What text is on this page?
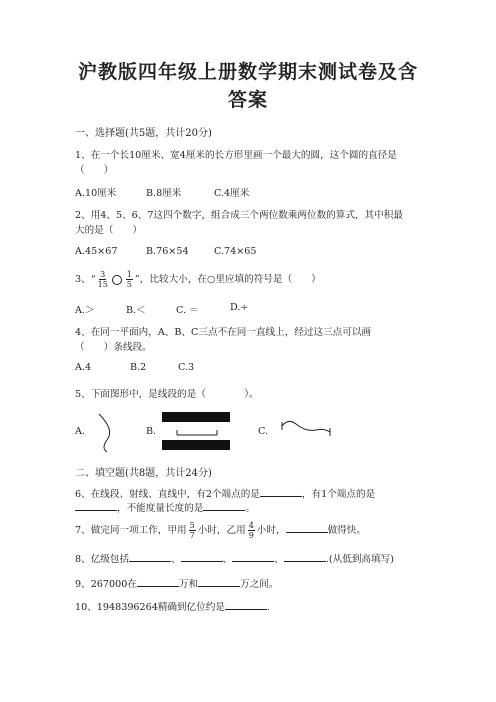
沪教版四年级上册数学期末测试卷及含
答案
一、选择题(共5题，共计20分)
1、在一个长10厘米、宽4厘米的长方形里画一个最大的圆，这个圆的直径是
（　　）
A.10厘米	B.8厘米	C.4厘米
2、用4、5、6、7这四个数字，组合成三个两位数乘两位数的算式，其中积最
大的是（　　）
A.45×67	B.76×54	C.74×65
3、“ $\frac{3}{15} \frac{1}{5}$ ”，比较大小，在○里应填的符号是（　　）
A.＞	B.＜	C. ＝	D.÷
4、在同一平面内，A、B、C三点不在同一直线上，经过这三点可以画
（　　）条线段。
A.4	B.2	C.3
5、下面图形中，是线段的是（　　　　）。
A.	B.	C.
二、填空题(共8题，共计24分)
6、在线段、射线、直线中，有2个端点的是	，有1个端点的是
，不能度量长度的是	。
7、做完同一项工作，甲用 $\frac{5}{7}$ 小时，乙用 $\frac{4}{9}$ 小时，	做得快。
8、亿级包括	、	、	、	.(从低到高填写)
9、267000在	万和	万之间。
10、1948396264精确到亿位约是	.
